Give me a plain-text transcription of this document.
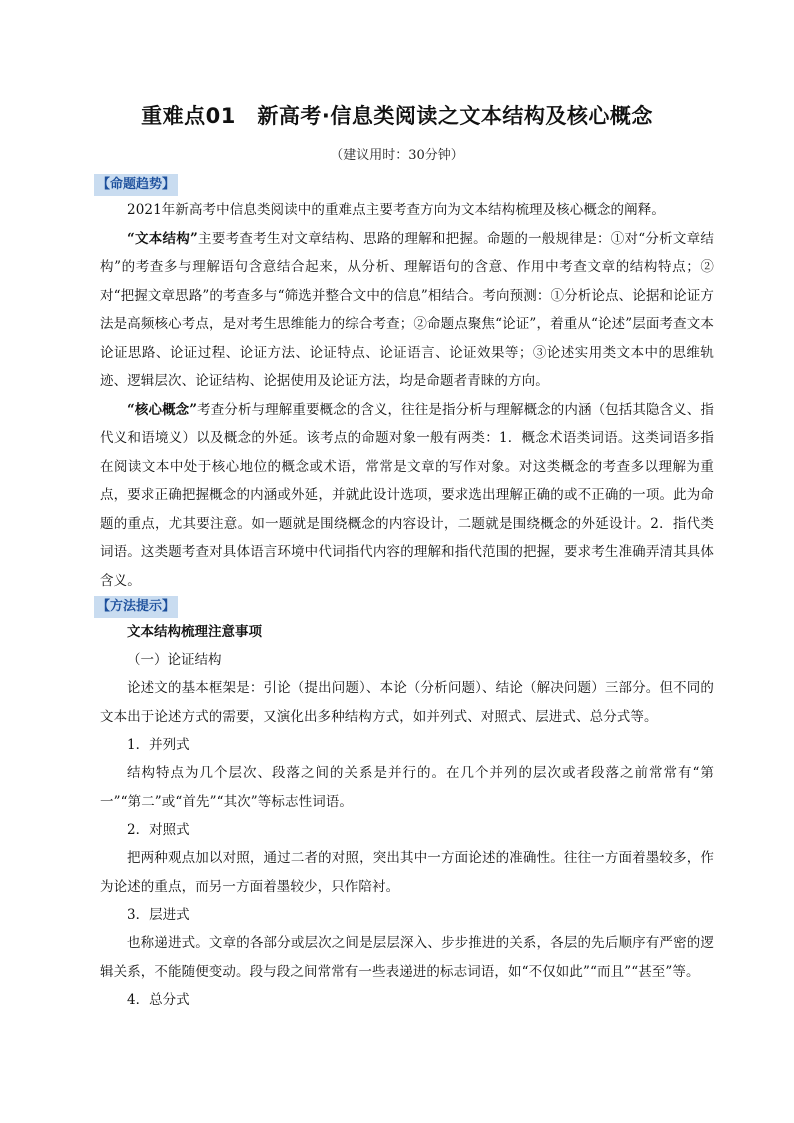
重难点01　新高考·信息类阅读之文本结构及核心概念
（建议用时：30分钟）
【命题趋势】

2021年新高考中信息类阅读中的重难点主要考查方向为文本结构梳理及核心概念的阐释。

“文本结构”主要考查考生对文章结构、思路的理解和把握。命题的一般规律是：①对“分析文章结构”的考查多与理解语句含意结合起来，从分析、理解语句的含意、作用中考查文章的结构特点；②对“把握文章思路”的考查多与“筛选并整合文中的信息”相结合。考向预测：①分析论点、论据和论证方法是高频核心考点，是对考生思维能力的综合考查；②命题点聚焦“论证”，着重从“论述”层面考查文本论证思路、论证过程、论证方法、论证特点、论证语言、论证效果等；③论述实用类文本中的思维轨迹、逻辑层次、论证结构、论据使用及论证方法，均是命题者青睐的方向。

“核心概念”考查分析与理解重要概念的含义，往往是指分析与理解概念的内涵（包括其隐含义、指代义和语境义）以及概念的外延。该考点的命题对象一般有两类：1．概念术语类词语。这类词语多指在阅读文本中处于核心地位的概念或术语，常常是文章的写作对象。对这类概念的考查多以理解为重点，要求正确把握概念的内涵或外延，并就此设计选项，要求选出理解正确的或不正确的一项。此为命题的重点，尤其要注意。如一题就是围绕概念的内容设计，二题就是围绕概念的外延设计。2．指代类词语。这类题考查对具体语言环境中代词指代内容的理解和指代范围的把握，要求考生准确弄清其具体含义。

【方法提示】
文本结构梳理注意事项
（一）论证结构

论述文的基本框架是：引论（提出问题）、本论（分析问题）、结论（解决问题）三部分。但不同的文本出于论述方式的需要，又演化出多种结构方式，如并列式、对照式、层进式、总分式等。

1．并列式

结构特点为几个层次、段落之间的关系是并行的。在几个并列的层次或者段落之前常常有“第一”“第二”或“首先”“其次”等标志性词语。

2．对照式

把两种观点加以对照，通过二者的对照，突出其中一方面论述的准确性。往往一方面着墨较多，作为论述的重点，而另一方面着墨较少，只作陪衬。

3．层进式

也称递进式。文章的各部分或层次之间是层层深入、步步推进的关系，各层的先后顺序有严密的逻辑关系，不能随便变动。段与段之间常常有一些表递进的标志词语，如“不仅如此”“而且”“甚至”等。

4．总分式
